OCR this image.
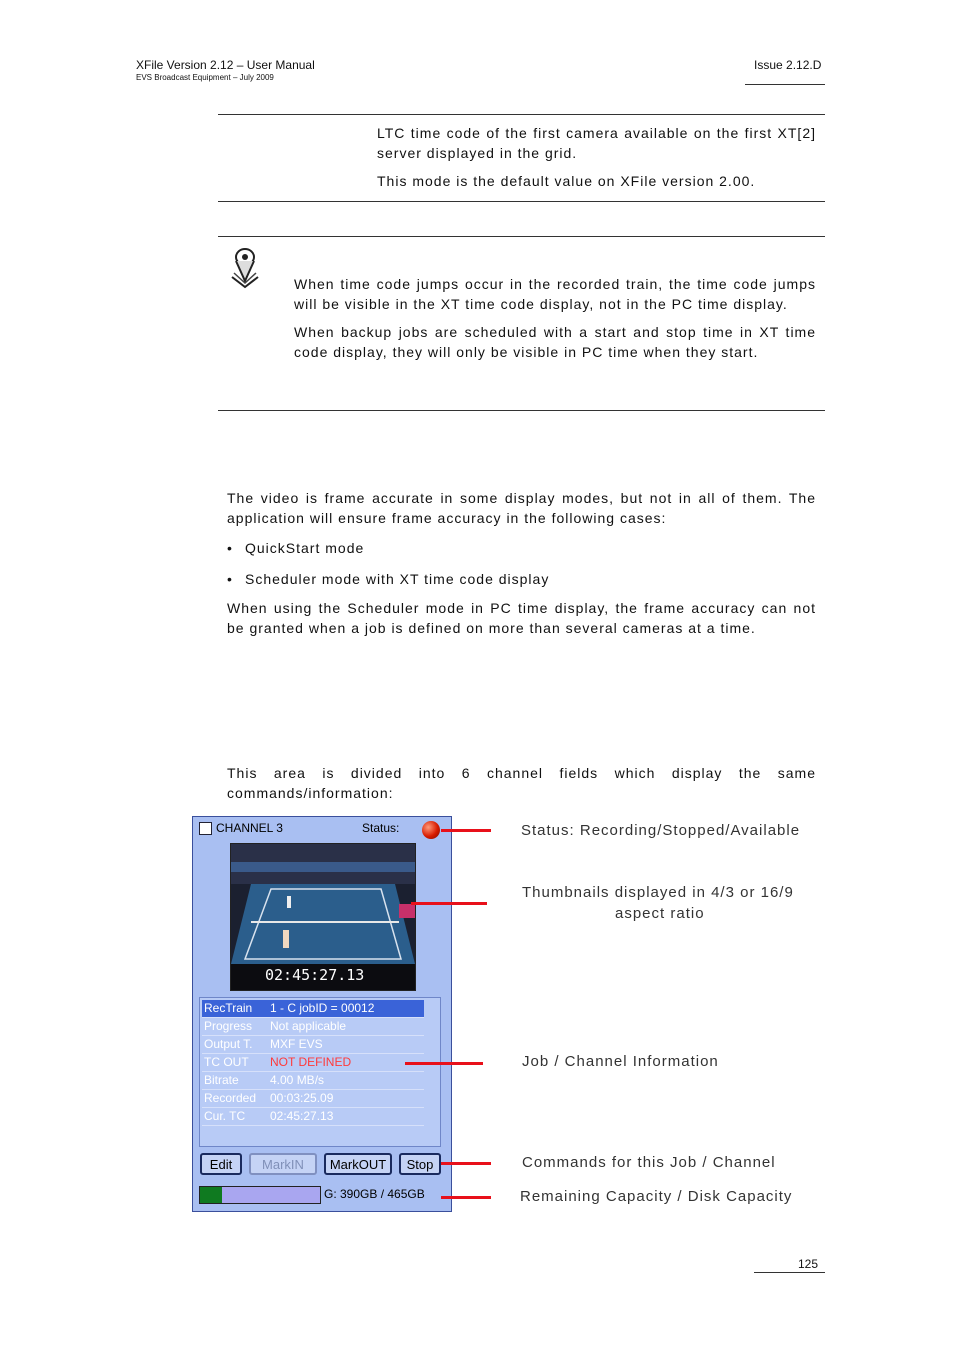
XFile Version 2.12 – User Manual
EVS Broadcast Equipment – July 2009
Issue 2.12.D

LTC time code of the first camera available on the first XT[2] server displayed in the grid.

This mode is the default value on XFile version 2.00.

When time code jumps occur in the recorded train, the time code jumps will be visible in the XT time code display, not in the PC time display.

When backup jobs are scheduled with a start and stop time in XT time code display, they will only be visible in PC time when they start.

The video is frame accurate in some display modes, but not in all of them. The application will ensure frame accuracy in the following cases:
• QuickStart mode
• Scheduler mode with XT time code display
When using the Scheduler mode in PC time display, the frame accuracy can not be granted when a job is defined on more than several cameras at a time.
This area is divided into 6 channel fields which display the same commands/information:
CHANNEL 3	Status:
02:45:27.13
RecTrain 1 - C jobID = 00012
Progress Not applicable
Output T. MXF EVS
TC OUT NOT DEFINED
Bitrate	4.00 MB/s
Recorded 00:03:25.09
Cur. TC 02:45:27.13
Edit	MarkIN	MarkOUT	Stop
G: 390GB / 465GB
Status: Recording/Stopped/Available
Thumbnails displayed in 4/3 or 16/9
aspect ratio
Job / Channel Information
Commands for this Job / Channel
Remaining Capacity / Disk Capacity
125
